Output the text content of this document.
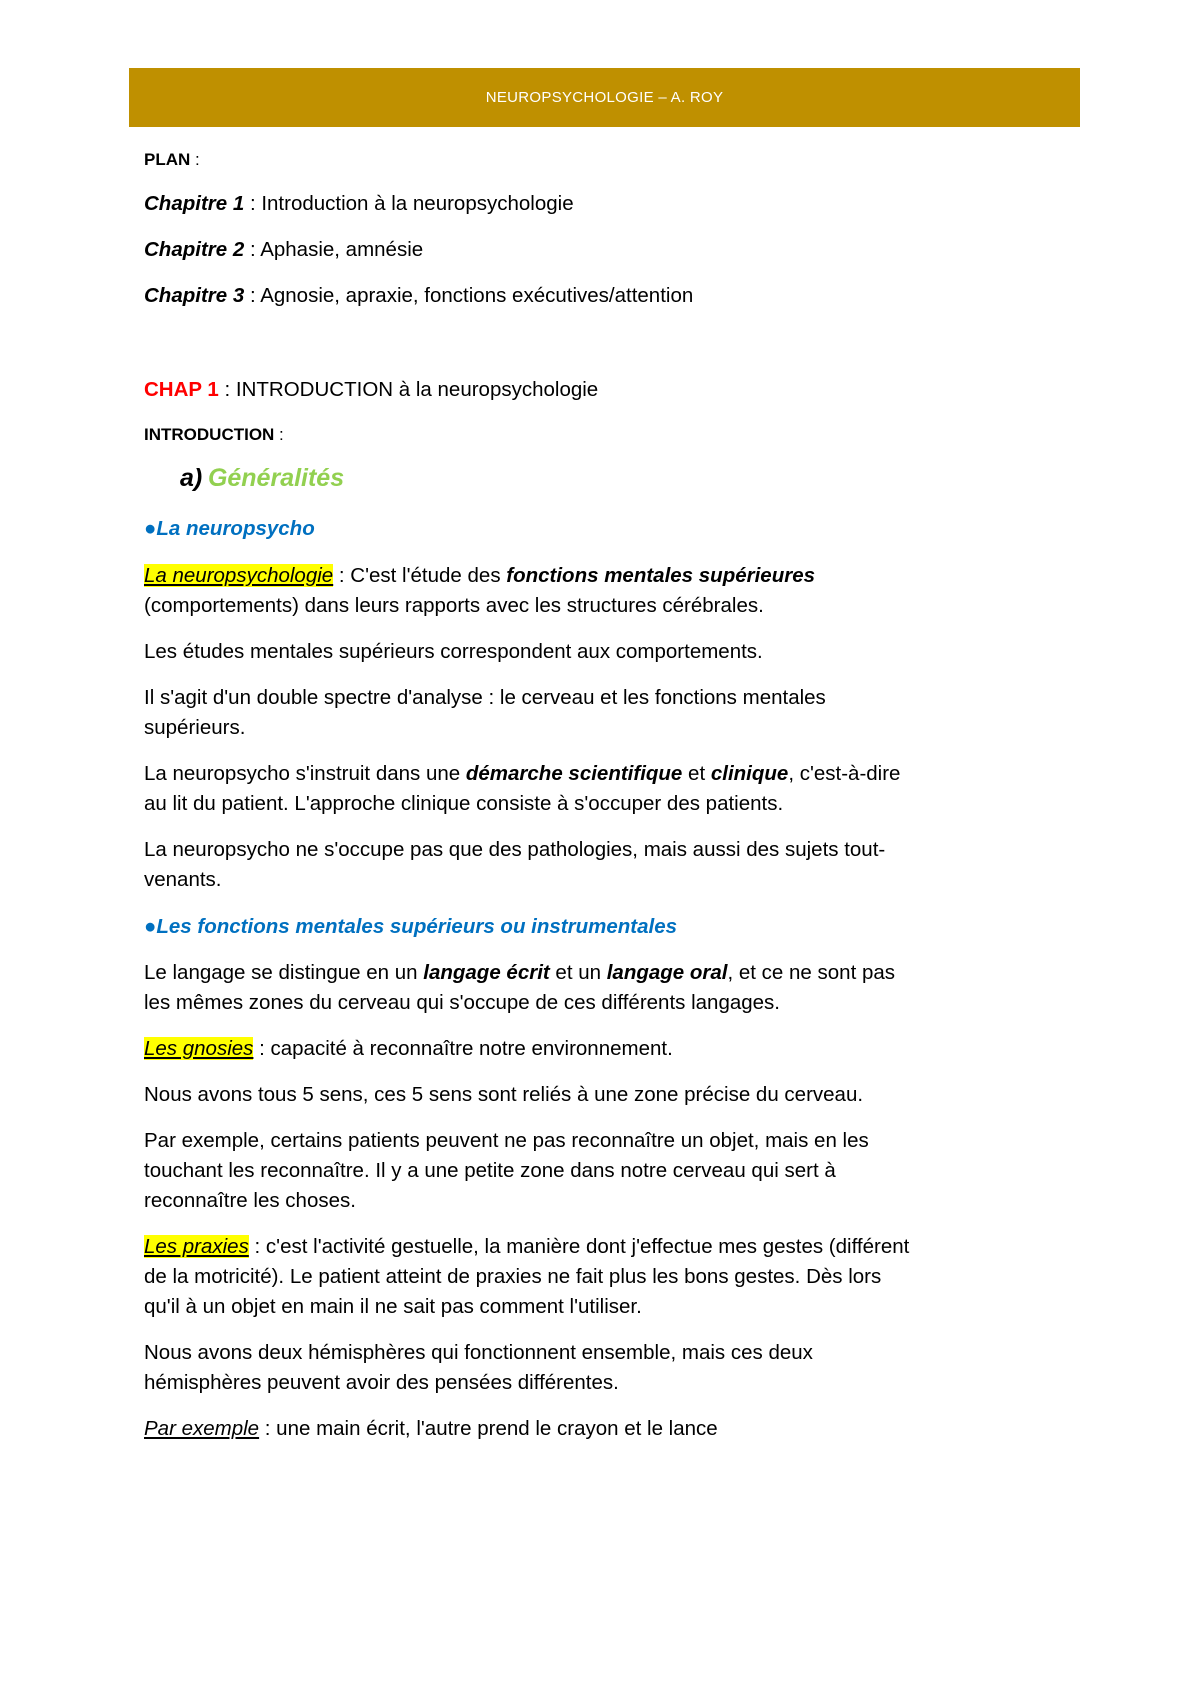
NEUROPSYCHOLOGIE – A. ROY
PLAN :
Chapitre 1 : Introduction à la neuropsychologie
Chapitre 2 : Aphasie, amnésie
Chapitre 3 : Agnosie, apraxie, fonctions exécutives/attention
CHAP 1 : INTRODUCTION à la neuropsychologie
INTRODUCTION :
a) Généralités
●La neuropsycho
La neuropsychologie : C'est l'étude des fonctions mentales supérieures
(comportements) dans leurs rapports avec les structures cérébrales.
Les études mentales supérieurs correspondent aux comportements.
Il s'agit d'un double spectre d'analyse : le cerveau et les fonctions mentales
supérieurs.
La neuropsycho s'instruit dans une démarche scientifique et clinique, c'est-à-dire
au lit du patient. L'approche clinique consiste à s'occuper des patients.
La neuropsycho ne s'occupe pas que des pathologies, mais aussi des sujets tout-
venants.
●Les fonctions mentales supérieurs ou instrumentales
Le langage se distingue en un langage écrit et un langage oral, et ce ne sont pas
les mêmes zones du cerveau qui s'occupe de ces différents langages.
Les gnosies : capacité à reconnaître notre environnement.
Nous avons tous 5 sens, ces 5 sens sont reliés à une zone précise du cerveau.
Par exemple, certains patients peuvent ne pas reconnaître un objet, mais en les
touchant les reconnaître. Il y a une petite zone dans notre cerveau qui sert à
reconnaître les choses.
Les praxies : c'est l'activité gestuelle, la manière dont j'effectue mes gestes (différent
de la motricité). Le patient atteint de praxies ne fait plus les bons gestes. Dès lors
qu'il à un objet en main il ne sait pas comment l'utiliser.
Nous avons deux hémisphères qui fonctionnent ensemble, mais ces deux
hémisphères peuvent avoir des pensées différentes.
Par exemple : une main écrit, l'autre prend le crayon et le lance
